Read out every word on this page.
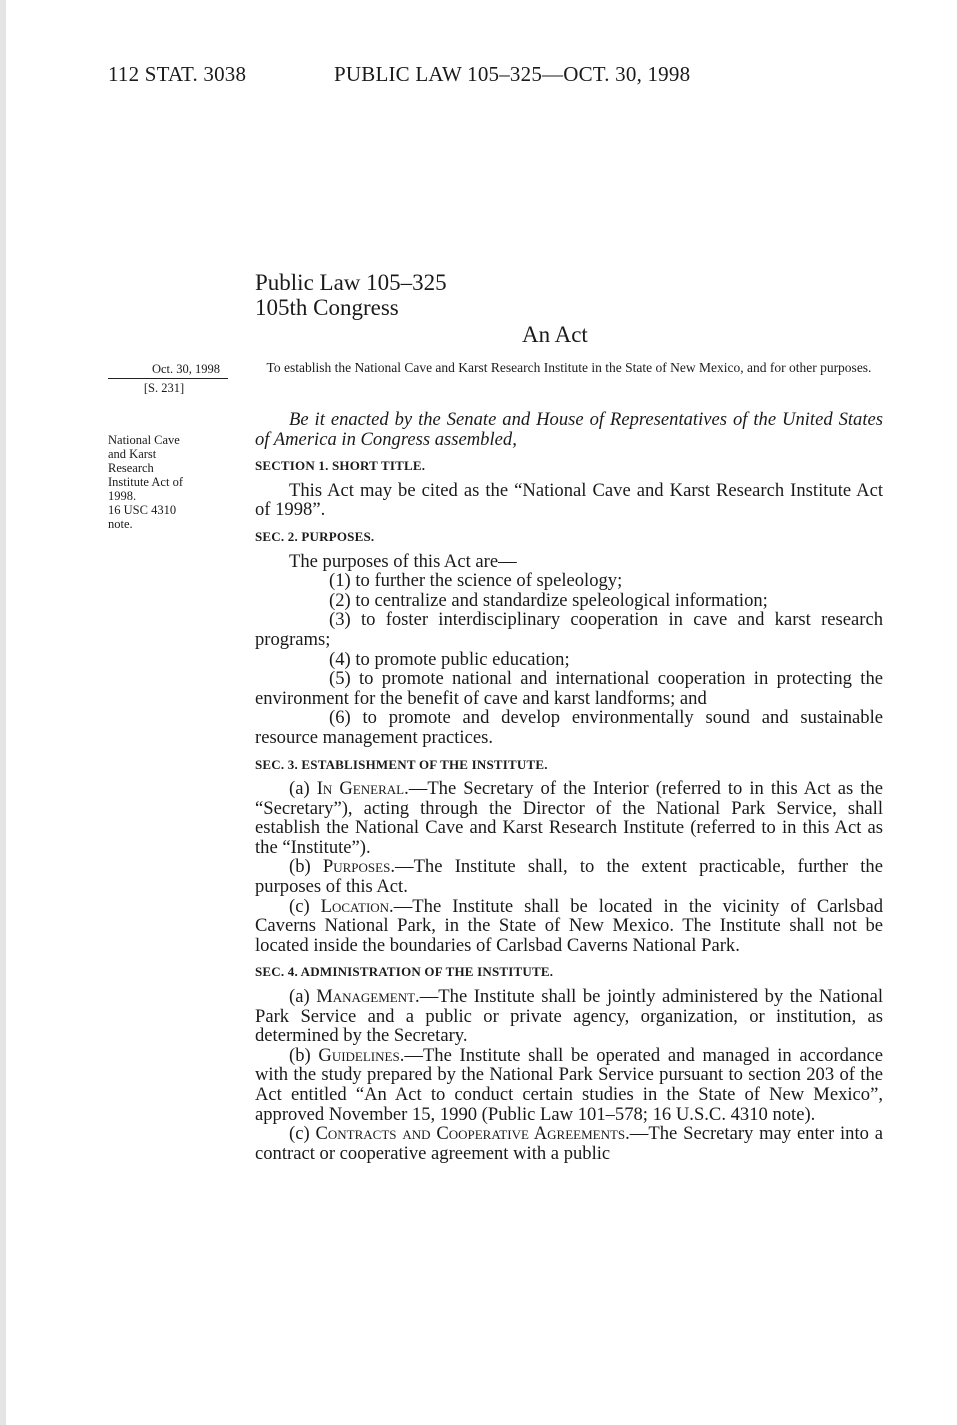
112 STAT. 3038	PUBLIC LAW 105–325—OCT. 30, 1998
Public Law 105–325
105th Congress
An Act
Oct. 30, 1998
[S. 231]
National Cave
and Karst
Research
Institute Act of
1998.
16 USC 4310
note.
To establish the National Cave and Karst Research Institute in the State of New Mexico, and for other purposes.

Be it enacted by the Senate and House of Representatives of the United States of America in Congress assembled,

SECTION 1. SHORT TITLE.

This Act may be cited as the “National Cave and Karst Research Institute Act of 1998”.

SEC. 2. PURPOSES.

The purposes of this Act are—

(1) to further the science of speleology;

(2) to centralize and standardize speleological information;

(3) to foster interdisciplinary cooperation in cave and karst research programs;

(4) to promote public education;

(5) to promote national and international cooperation in protecting the environment for the benefit of cave and karst landforms; and

(6) to promote and develop environmentally sound and sustainable resource management practices.

SEC. 3. ESTABLISHMENT OF THE INSTITUTE.

(a) In General.—The Secretary of the Interior (referred to in this Act as the “Secretary”), acting through the Director of the National Park Service, shall establish the National Cave and Karst Research Institute (referred to in this Act as the “Institute”).

(b) Purposes.—The Institute shall, to the extent practicable, further the purposes of this Act.

(c) Location.—The Institute shall be located in the vicinity of Carlsbad Caverns National Park, in the State of New Mexico. The Institute shall not be located inside the boundaries of Carlsbad Caverns National Park.

SEC. 4. ADMINISTRATION OF THE INSTITUTE.

(a) Management.—The Institute shall be jointly administered by the National Park Service and a public or private agency, organization, or institution, as determined by the Secretary.

(b) Guidelines.—The Institute shall be operated and managed in accordance with the study prepared by the National Park Service pursuant to section 203 of the Act entitled “An Act to conduct certain studies in the State of New Mexico”, approved November 15, 1990 (Public Law 101–578; 16 U.S.C. 4310 note).

(c) Contracts and Cooperative Agreements.—The Secretary may enter into a contract or cooperative agreement with a public
